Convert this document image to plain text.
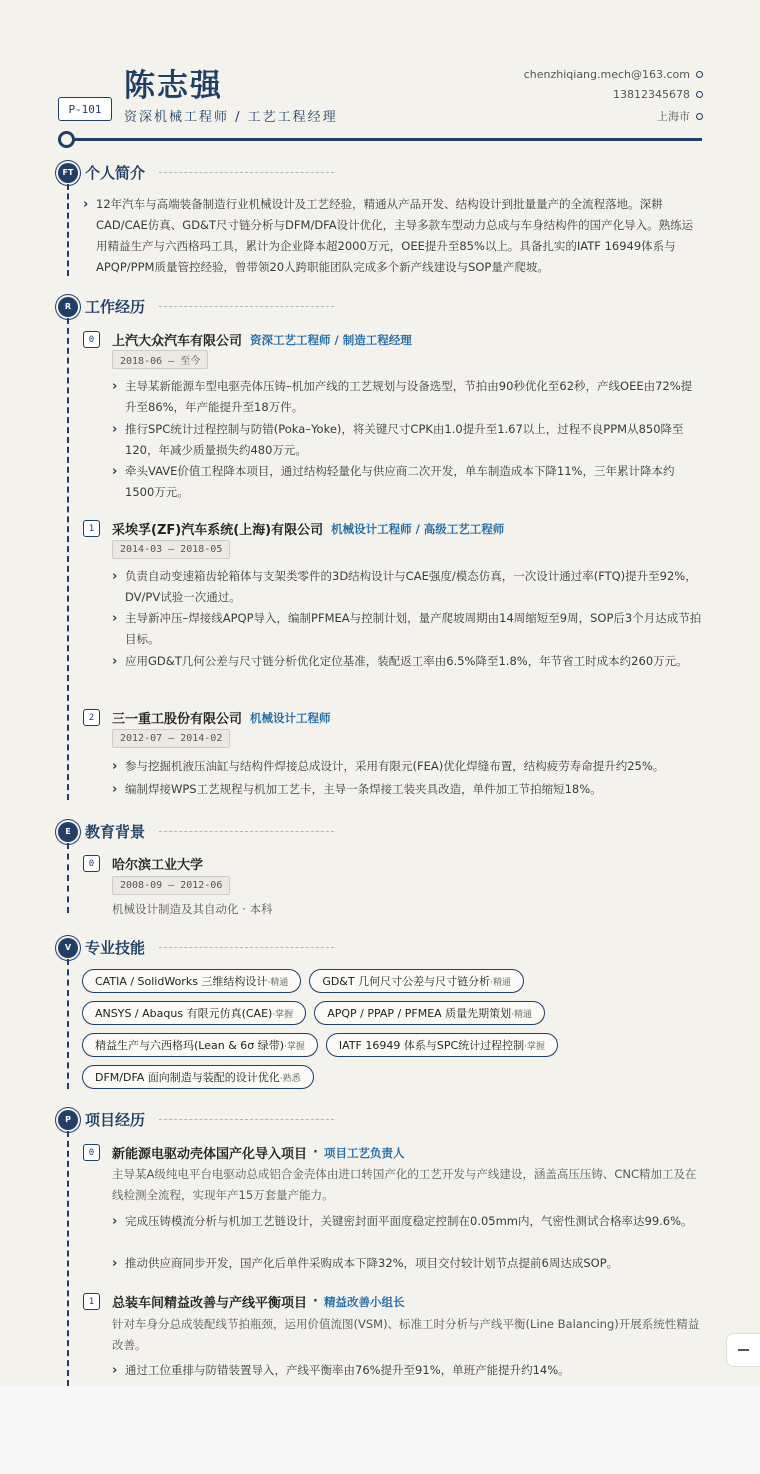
陈志强
P-101
资深机械工程师 / 工艺工程经理
chenzhiqiang.mech@163.com
13812345678
上海市
FT 个人简介
› 12年汽车与高端装备制造行业机械设计及工艺经验，精通从产品开发、结构设计到批量量产的全流程落地。深耕CAD/CAE仿真、GD&T尺寸链分析与DFM/DFA设计优化，主导多款车型动力总成与车身结构件的国产化导入。熟练运用精益生产与六西格玛工具，累计为企业降本超2000万元，OEE提升至85%以上。具备扎实的IATF 16949体系与APQP/PPM质量管控经验，曾带领20人跨职能团队完成多个新产线建设与SOP量产爬坡。
R 工作经历
0	上汽大众汽车有限公司 资深工艺工程师 / 制造工程经理
2018-06 — 至今
› 主导某新能源车型电驱壳体压铸–机加产线的工艺规划与设备选型，节拍由90秒优化至62秒，产线OEE由72%提升至86%，年产能提升至18万件。
› 推行SPC统计过程控制与防错(Poka–Yoke)，将关键尺寸CPK由1.0提升至1.67以上，过程不良PPM从850降至120，年减少质量损失约480万元。
› 牵头VAVE价值工程降本项目，通过结构轻量化与供应商二次开发，单车制造成本下降11%，三年累计降本约1500万元。
1	采埃孚(ZF)汽车系统(上海)有限公司 机械设计工程师 / 高级工艺工程师
2014-03 — 2018-05
› 负责自动变速箱齿轮箱体与支架类零件的3D结构设计与CAE强度/模态仿真，一次设计通过率(FTQ)提升至92%，DV/PV试验一次通过。
› 主导新冲压–焊接线APQP导入，编制PFMEA与控制计划，量产爬坡周期由14周缩短至9周，SOP后3个月达成节拍目标。
› 应用GD&T几何公差与尺寸链分析优化定位基准，装配返工率由6.5%降至1.8%，年节省工时成本约260万元。
2	三一重工股份有限公司 机械设计工程师
2012-07 — 2014-02
› 参与挖掘机液压油缸与结构件焊接总成设计，采用有限元(FEA)优化焊缝布置，结构疲劳寿命提升约25%。
› 编制焊接WPS工艺规程与机加工艺卡，主导一条焊接工装夹具改造，单件加工节拍缩短18%。
E 教育背景
0	哈尔滨工业大学
2008-09 — 2012-06
机械设计制造及其自动化 · 本科
V 专业技能
CATIA / SolidWorks 三维结构设计 ·精通	GD&T 几何尺寸公差与尺寸链分析 ·精通
ANSYS / Abaqus 有限元仿真(CAE) ·掌握	APQP / PPAP / PFMEA 质量先期策划 ·精通
精益生产与六西格玛(Lean & 6σ 绿带) ·掌握	IATF 16949 体系与SPC统计过程控制 ·掌握
DFM/DFA 面向制造与装配的设计优化 ·熟悉
P 项目经历
0	新能源电驱动壳体国产化导入项目 · 项目工艺负责人
主导某A级纯电平台电驱动总成铝合金壳体由进口转国产化的工艺开发与产线建设，涵盖高压压铸、CNC精加工及在线检测全流程，实现年产15万套量产能力。
› 完成压铸模流分析与机加工艺链设计，关键密封面平面度稳定控制在0.05mm内，气密性测试合格率达99.6%。
› 推动供应商同步开发，国产化后单件采购成本下降32%，项目交付较计划节点提前6周达成SOP。
1	总装车间精益改善与产线平衡项目 · 精益改善小组长
针对车身分总成装配线节拍瓶颈，运用价值流图(VSM)、标准工时分析与产线平衡(Line Balancing)开展系统性精益改善。
› 通过工位重排与防错装置导入，产线平衡率由76%提升至91%，单班产能提升约14%。
